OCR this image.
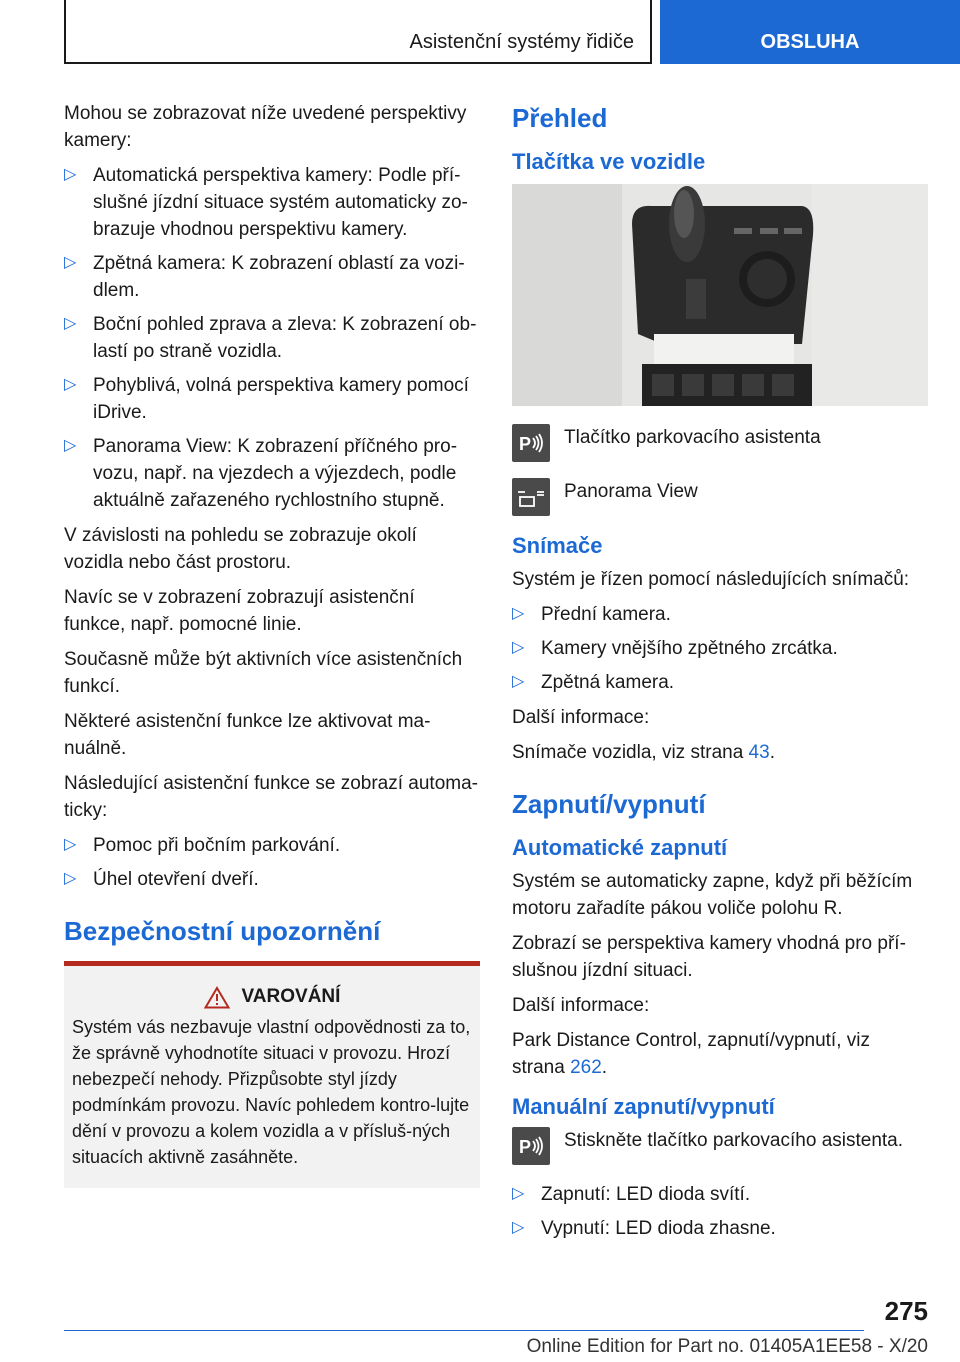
Asistenční systémy řidiče	OBSLUHA

Mohou se zobrazovat níže uvedené perspektivy kamery:

▷ Automatická perspektiva kamery: Podle pří-slušné jízdní situace systém automaticky zo-brazuje vhodnou perspektivu kamery.
▷ Zpětná kamera: K zobrazení oblastí za vozi-dlem.
▷ Boční pohled zprava a zleva: K zobrazení ob-lastí po straně vozidla.
▷ Pohyblivá, volná perspektiva kamery pomocí iDrive.
▷ Panorama View: K zobrazení příčného pro-vozu, např. na vjezdech a výjezdech, podle aktuálně zařazeného rychlostního stupně.

V závislosti na pohledu se zobrazuje okolí vozidla nebo část prostoru.

Navíc se v zobrazení zobrazují asistenční funkce, např. pomocné linie.

Současně může být aktivních více asistenčních funkcí.

Některé asistenční funkce lze aktivovat ma-nuálně.

Následující asistenční funkce se zobrazí automa-ticky:

▷ Pomoc při bočním parkování.
▷ Úhel otevření dveří.
Bezpečnostní upozornění
VAROVÁNÍ
Systém vás nezbavuje vlastní odpovědnosti za to, že správně vyhodnotíte situaci v provozu. Hrozí nebezpečí nehody. Přizpůsobte styl jízdy podmínkám provozu. Navíc pohledem kontro-lujte dění v provozu a kolem vozidla a v přísluš-ných situacích aktivně zasáhněte.
Přehled
Tlačítka ve vozidle
P Tlačítko parkovacího asistenta
Panorama View
Snímače

Systém je řízen pomocí následujících snímačů:

▷ Přední kamera.
▷ Kamery vnějšího zpětného zrcátka.
▷ Zpětná kamera.

Další informace:

Snímače vozidla, viz strana 43.

Zapnutí/vypnutí
Automatické zapnutí

Systém se automaticky zapne, když při běžícím motoru zařadíte pákou voliče polohu R.

Zobrazí se perspektiva kamery vhodná pro pří-slušnou jízdní situaci.

Další informace:

Park Distance Control, zapnutí/vypnutí, viz strana 262.

Manuální zapnutí/vypnutí
P Stiskněte tlačítko parkovacího asistenta.
▷ Zapnutí: LED dioda svítí.
▷ Vypnutí: LED dioda zhasne.
275
Online Edition for Part no. 01405A1EE58 - X/20
